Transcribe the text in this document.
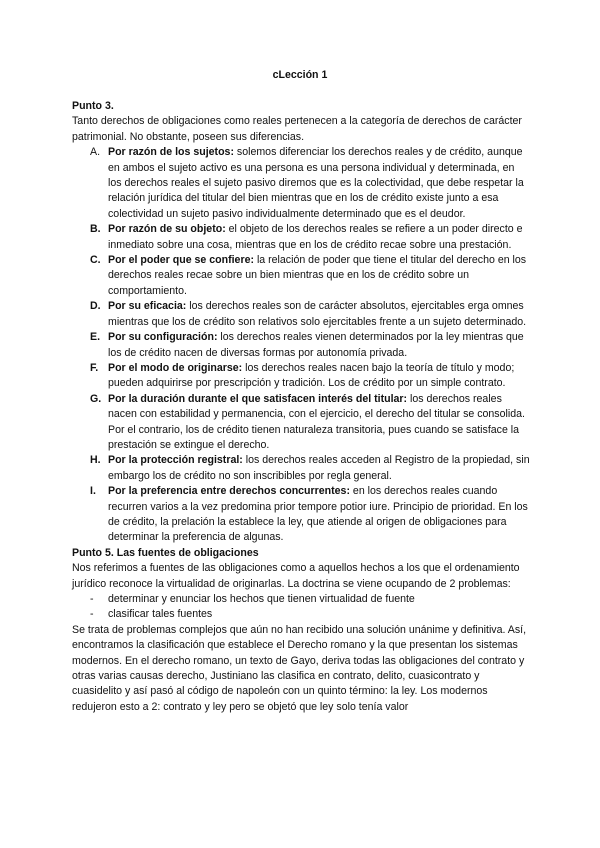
cLección 1

Punto 3.

Tanto derechos de obligaciones como reales pertenecen a la categoría de derechos de carácter patrimonial. No obstante, poseen sus diferencias.

A. Por razón de los sujetos: solemos diferenciar los derechos reales y de crédito, aunque en ambos el sujeto activo es una persona es una persona individual y determinada, en los derechos reales el sujeto pasivo diremos que es la colectividad, que debe respetar la relación jurídica del titular del bien mientras que en los de crédito existe junto a esa colectividad un sujeto pasivo individualmente determinado que es el deudor.
B. Por razón de su objeto: el objeto de los derechos reales se refiere a un poder directo e inmediato sobre una cosa, mientras que en los de crédito recae sobre una prestación.
C. Por el poder que se confiere: la relación de poder que tiene el titular del derecho en los derechos reales recae sobre un bien mientras que en los de crédito sobre un comportamiento.
D. Por su eficacia: los derechos reales son de carácter absolutos, ejercitables erga omnes mientras que los de crédito son relativos solo ejercitables frente a un sujeto determinado.
E. Por su configuración: los derechos reales vienen determinados por la ley mientras que los de crédito nacen de diversas formas por autonomía privada.
F. Por el modo de originarse: los derechos reales nacen bajo la teoría de título y modo; pueden adquirirse por prescripción y tradición. Los de crédito por un simple contrato.
G. Por la duración durante el que satisfacen interés del titular: los derechos reales nacen con estabilidad y permanencia, con el ejercicio, el derecho del titular se consolida. Por el contrario, los de crédito tienen naturaleza transitoria, pues cuando se satisface la prestación se extingue el derecho.
H. Por la protección registral: los derechos reales acceden al Registro de la propiedad, sin embargo los de crédito no son inscribibles por regla general.
I. Por la preferencia entre derechos concurrentes: en los derechos reales cuando recurren varios a la vez predomina prior tempore potior iure. Principio de prioridad. En los de crédito, la prelación la establece la ley, que atiende al origen de obligaciones para determinar la preferencia de algunas.

Punto 5. Las fuentes de obligaciones

Nos referimos a fuentes de las obligaciones como a aquellos hechos a los que el ordenamiento jurídico reconoce la virtualidad de originarlas. La doctrina se viene ocupando de 2 problemas:

- determinar y enunciar los hechos que tienen virtualidad de fuente
- clasificar tales fuentes

Se trata de problemas complejos que aún no han recibido una solución unánime y definitiva. Así, encontramos la clasificación que establece el Derecho romano y la que presentan los sistemas modernos. En el derecho romano, un texto de Gayo, deriva todas las obligaciones del contrato y otras varias causas derecho, Justiniano las clasifica en contrato, delito, cuasicontrato y cuasidelito y así pasó al código de napoleón con un quinto término: la ley. Los modernos redujeron esto a 2: contrato y ley pero se objetó que ley solo tenía valor
